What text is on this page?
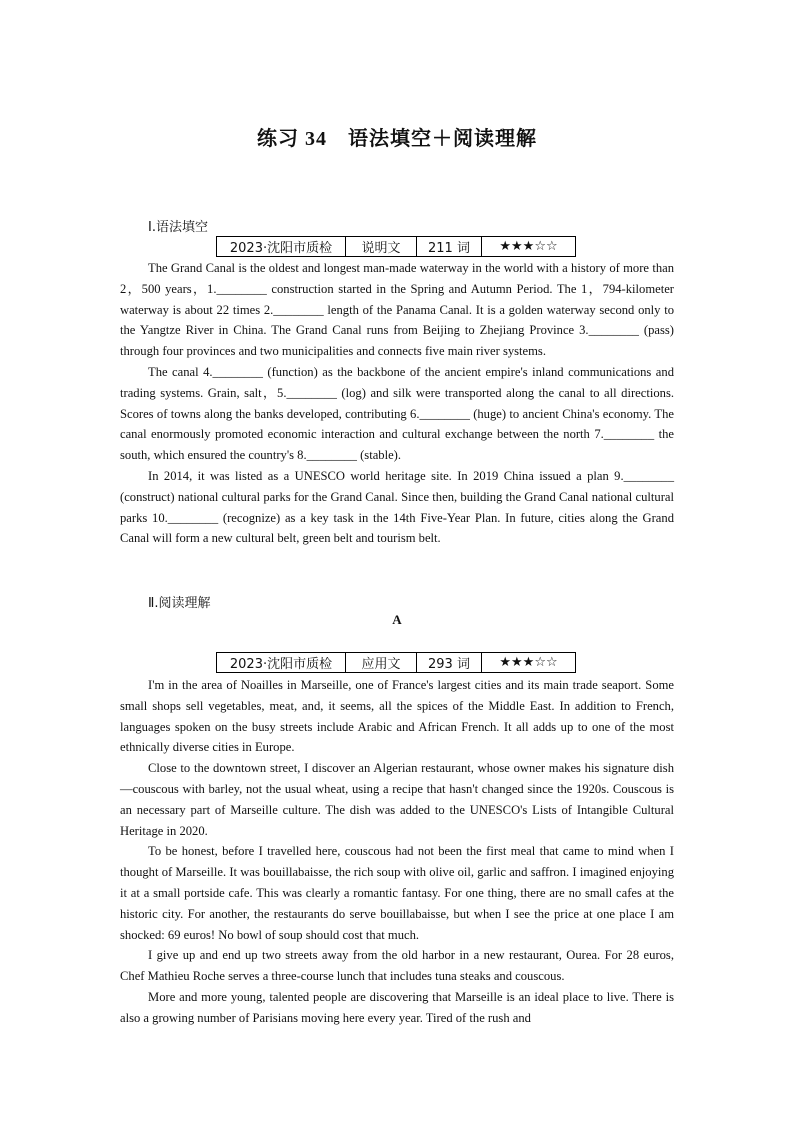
练习 34　语法填空＋阅读理解
Ⅰ.语法填空
2023·沈阳市质检	说明文	211 词	★★★☆☆

The Grand Canal is the oldest and longest man-made waterway in the world with a history of more than 2，500 years，1.________ construction started in the Spring and Autumn Period. The 1，794-kilometer waterway is about 22 times 2.________ length of the Panama Canal. It is a golden waterway second only to the Yangtze River in China. The Grand Canal runs from Beijing to Zhejiang Province 3.________ (pass) through four provinces and two municipalities and connects five main river systems.

The canal 4.________ (function) as the backbone of the ancient empire's inland communications and trading systems. Grain, salt，5.________ (log) and silk were transported along the canal to all directions. Scores of towns along the banks developed, contributing 6.________ (huge) to ancient China's economy. The canal enormously promoted economic interaction and cultural exchange between the north 7.________ the south, which ensured the country's 8.________ (stable).

In 2014, it was listed as a UNESCO world heritage site. In 2019 China issued a plan 9.________ (construct) national cultural parks for the Grand Canal. Since then, building the Grand Canal national cultural parks 10.________ (recognize) as a key task in the 14th Five-Year Plan. In future, cities along the Grand Canal will form a new cultural belt, green belt and tourism belt.

Ⅱ.阅读理解
A
2023·沈阳市质检	应用文	293 词	★★★☆☆

I'm in the area of Noailles in Marseille, one of France's largest cities and its main trade seaport. Some small shops sell vegetables, meat, and, it seems, all the spices of the Middle East. In addition to French, languages spoken on the busy streets include Arabic and African French. It all adds up to one of the most ethnically diverse cities in Europe.

Close to the downtown street, I discover an Algerian restaurant, whose owner makes his signature dish—couscous with barley, not the usual wheat, using a recipe that hasn't changed since the 1920s. Couscous is an necessary part of Marseille culture. The dish was added to the UNESCO's Lists of Intangible Cultural Heritage in 2020.

To be honest, before I travelled here, couscous had not been the first meal that came to mind when I thought of Marseille. It was bouillabaisse, the rich soup with olive oil, garlic and saffron. I imagined enjoying it at a small portside cafe. This was clearly a romantic fantasy. For one thing, there are no small cafes at the historic city. For another, the restaurants do serve bouillabaisse, but when I see the price at one place I am shocked: 69 euros! No bowl of soup should cost that much.

I give up and end up two streets away from the old harbor in a new restaurant, Ourea. For 28 euros, Chef Mathieu Roche serves a three-course lunch that includes tuna steaks and couscous.

More and more young, talented people are discovering that Marseille is an ideal place to live. There is also a growing number of Parisians moving here every year. Tired of the rush and
